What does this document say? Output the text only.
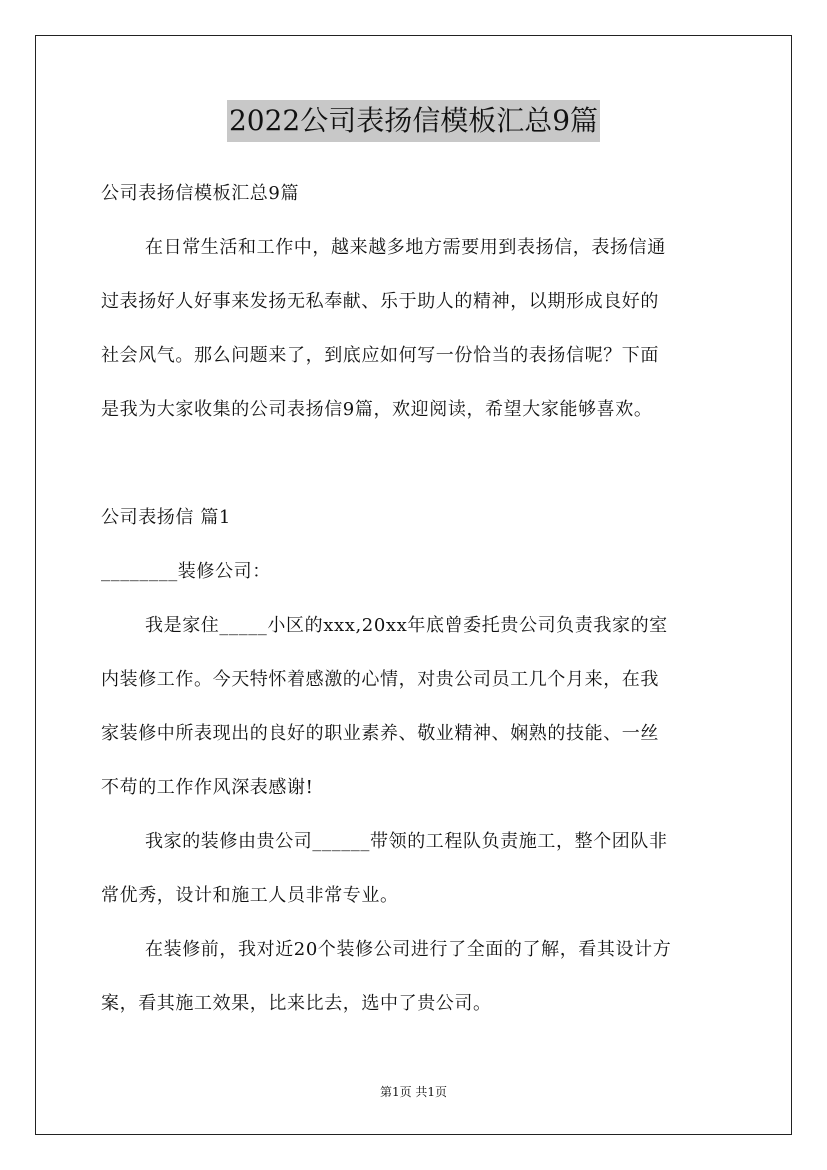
2022公司表扬信模板汇总9篇
公司表扬信模板汇总9篇
在日常生活和工作中，越来越多地方需要用到表扬信，表扬信通
过表扬好人好事来发扬无私奉献、乐于助人的精神，以期形成良好的
社会风气。那么问题来了，到底应如何写一份恰当的表扬信呢？下面
是我为大家收集的公司表扬信9篇，欢迎阅读，希望大家能够喜欢。
公司表扬信 篇1
________装修公司：
我是家住_____小区的xxx,20xx年底曾委托贵公司负责我家的室
内装修工作。今天特怀着感激的心情，对贵公司员工几个月来，在我
家装修中所表现出的良好的职业素养、敬业精神、娴熟的技能、一丝
不苟的工作作风深表感谢!
我家的装修由贵公司______带领的工程队负责施工，整个团队非
常优秀，设计和施工人员非常专业。
在装修前，我对近20个装修公司进行了全面的了解，看其设计方
案，看其施工效果，比来比去，选中了贵公司。
第1页 共1页
